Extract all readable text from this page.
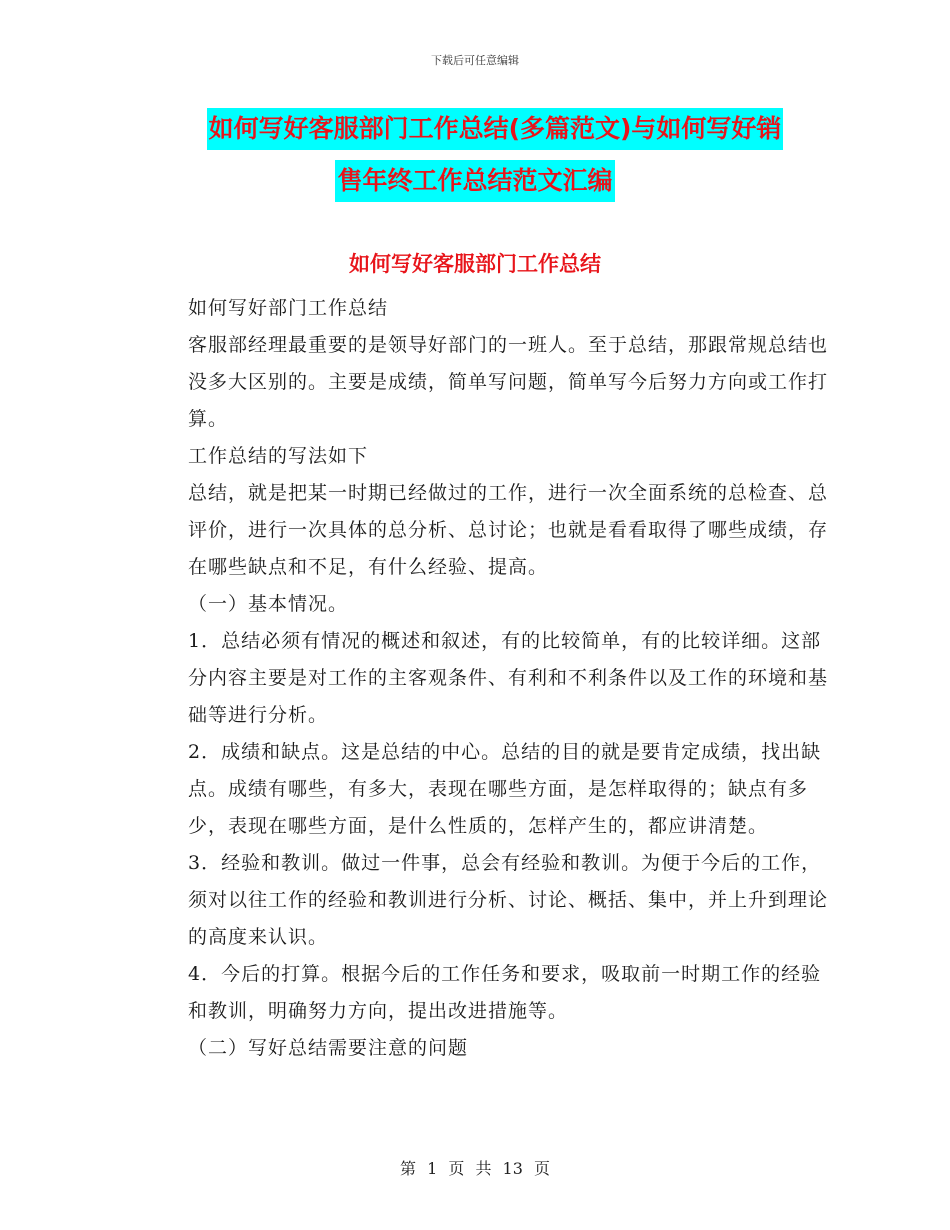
下载后可任意编辑
如何写好客服部门工作总结(多篇范文)与如何写好销
售年终工作总结范文汇编
如何写好客服部门工作总结

如何写好部门工作总结

客服部经理最重要的是领导好部门的一班人。至于总结，那跟常规总结也没多大区别的。主要是成绩，简单写问题，简单写今后努力方向或工作打算。

工作总结的写法如下

总结，就是把某一时期已经做过的工作，进行一次全面系统的总检查、总评价，进行一次具体的总分析、总讨论；也就是看看取得了哪些成绩，存在哪些缺点和不足，有什么经验、提高。

（一）基本情况。

1．总结必须有情况的概述和叙述，有的比较简单，有的比较详细。这部分内容主要是对工作的主客观条件、有利和不利条件以及工作的环境和基础等进行分析。

2．成绩和缺点。这是总结的中心。总结的目的就是要肯定成绩，找出缺点。成绩有哪些，有多大，表现在哪些方面，是怎样取得的；缺点有多少，表现在哪些方面，是什么性质的，怎样产生的，都应讲清楚。

3．经验和教训。做过一件事，总会有经验和教训。为便于今后的工作，须对以往工作的经验和教训进行分析、讨论、概括、集中，并上升到理论的高度来认识。

4．今后的打算。根据今后的工作任务和要求，吸取前一时期工作的经验和教训，明确努力方向，提出改进措施等。

（二）写好总结需要注意的问题

第 1 页 共 13 页
